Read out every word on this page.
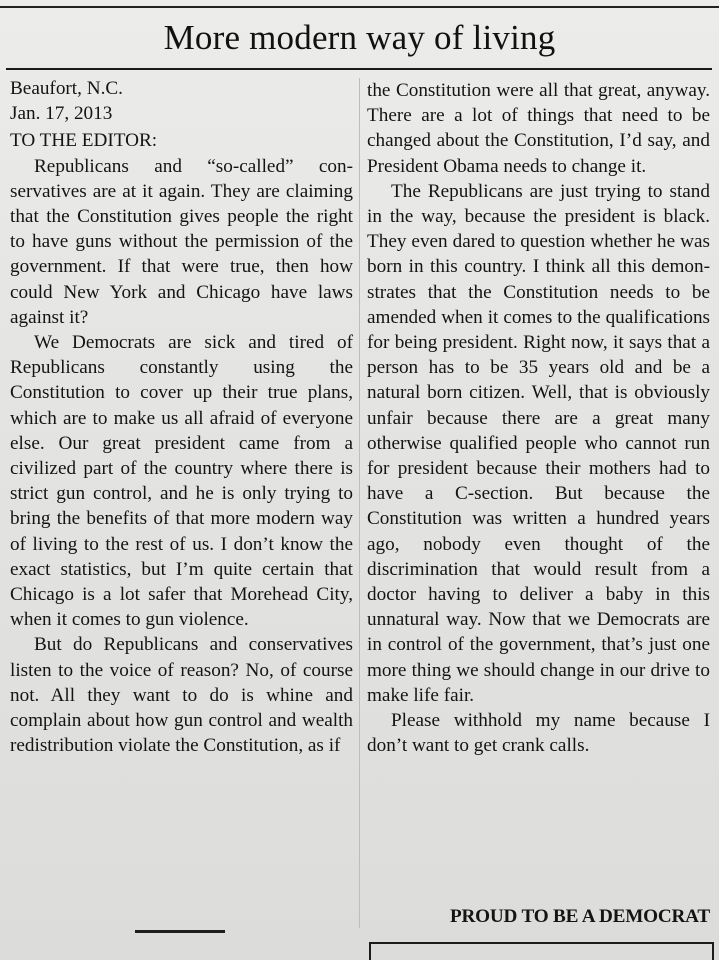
More modern way of living

Beaufort, N.C.

Jan. 17, 2013

TO THE EDITOR:

Republicans and “so-called” conservatives are at it again. They are claiming that the Constitution gives people the right to have guns without the permission of the government. If that were true, then how could New York and Chicago have laws against it?

We Democrats are sick and tired of Republicans constantly using the Constitution to cover up their true plans, which are to make us all afraid of everyone else. Our great president came from a civilized part of the country where there is strict gun control, and he is only trying to bring the benefits of that more modern way of living to the rest of us. I don’t know the exact statistics, but I’m quite certain that Chicago is a lot safer that Morehead City, when it comes to gun violence.

But do Republicans and conservatives listen to the voice of reason? No, of course not. All they want to do is whine and complain about how gun control and wealth redistribution violate the Constitution, as if

the Constitution were all that great, anyway. There are a lot of things that need to be changed about the Constitution, I’d say, and President Obama needs to change it.

The Republicans are just trying to stand in the way, because the president is black. They even dared to question whether he was born in this country. I think all this demonstrates that the Constitution needs to be amended when it comes to the qualifications for being president. Right now, it says that a person has to be 35 years old and be a natural born citizen. Well, that is obviously unfair because there are a great many otherwise qualified people who cannot run for president because their mothers had to have a C-section. But because the Constitution was written a hundred years ago, nobody even thought of the discrimination that would result from a doctor having to deliver a baby in this unnatural way. Now that we Democrats are in control of the government, that’s just one more thing we should change in our drive to make life fair.

Please withhold my name because I don’t want to get crank calls.

PROUD TO BE A DEMOCRAT
